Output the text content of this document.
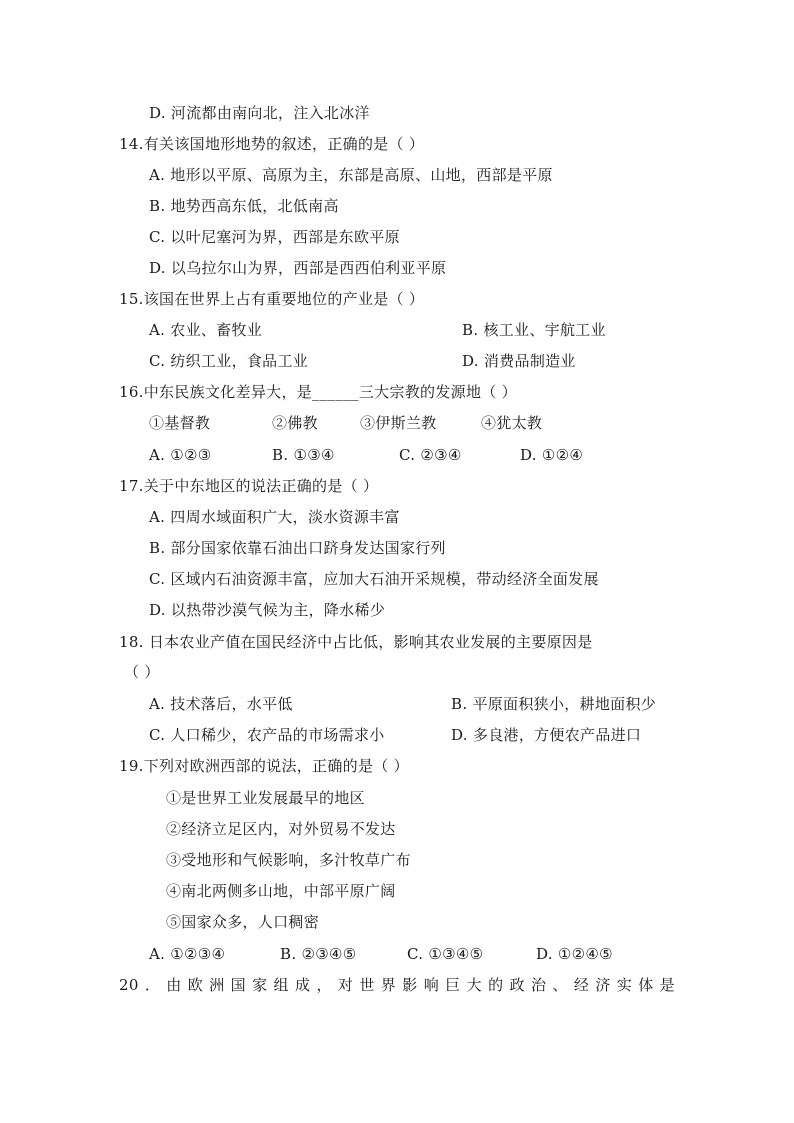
D. 河流都由南向北，注入北冰洋
14.有关该国地形地势的叙述，正确的是（ ）
A. 地形以平原、高原为主，东部是高原、山地，西部是平原
B. 地势西高东低，北低南高
C. 以叶尼塞河为界，西部是东欧平原
D. 以乌拉尔山为界，西部是西西伯利亚平原
15.该国在世界上占有重要地位的产业是（ ）
A. 农业、畜牧业	B. 核工业、宇航工业
C. 纺织工业，食品工业	D. 消费品制造业
16.中东民族文化差异大，是______三大宗教的发源地（ ）
①基督教	②佛教	③伊斯兰教	④犹太教
A. ①②③	B. ①③④	C. ②③④	D. ①②④
17.关于中东地区的说法正确的是（ ）
A. 四周水域面积广大，淡水资源丰富
B. 部分国家依靠石油出口跻身发达国家行列
C. 区域内石油资源丰富，应加大石油开采规模，带动经济全面发展
D. 以热带沙漠气候为主，降水稀少
18. 日本农业产值在国民经济中占比低，影响其农业发展的主要原因是
（ ）
A. 技术落后，水平低	B. 平原面积狭小，耕地面积少
C. 人口稀少，农产品的市场需求小	D. 多良港，方便农产品进口
19.下列对欧洲西部的说法，正确的是（ ）
①是世界工业发展最早的地区
②经济立足区内，对外贸易不发达
③受地形和气候影响，多汁牧草广布
④南北两侧多山地，中部平原广阔
⑤国家众多，人口稠密
A. ①②③④	B. ②③④⑤	C. ①③④⑤	D. ①②④⑤
20．由欧洲国家组成，对世界影响巨大的政治、经济实体是
